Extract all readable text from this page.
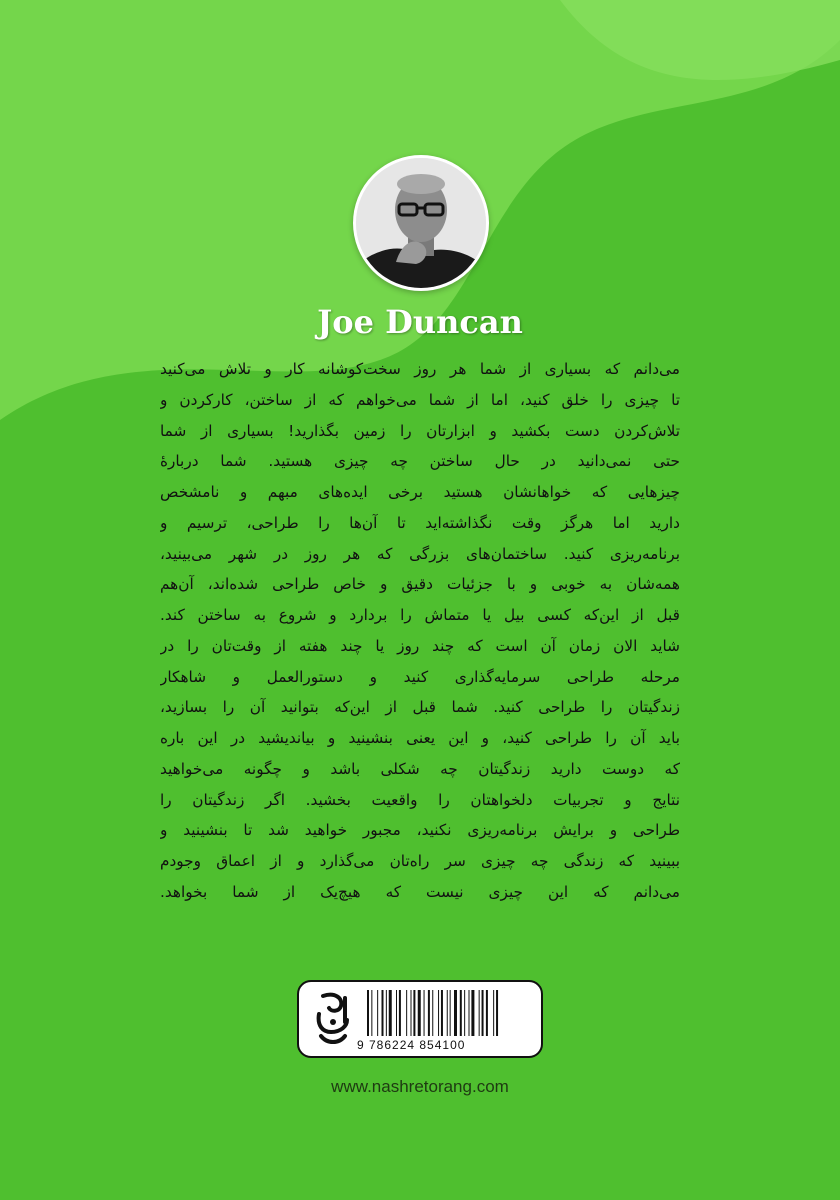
Joe Duncan
می‌دانم که بسیاری از شما هر روز سخت‌کوشانه کار و تلاش می‌کنید
تا چیزی را خلق کنید، اما از شما می‌خواهم که از ساختن، کارکردن و
تلاش‌کردن دست بکشید و ابزارتان را زمین بگذارید! بسیاری از شما
حتی نمی‌دانید در حال ساختن چه چیزی هستید. شما دربارهٔ
چیزهایی که خواهانشان هستید برخی ایده‌های مبهم و نامشخص
دارید اما هرگز وقت نگذاشته‌اید تا آن‌ها را طراحی، ترسیم و
برنامه‌ریزی کنید. ساختمان‌های بزرگی که هر روز در شهر می‌بینید،
همه‌شان به خوبی و با جزئیات دقیق و خاص طراحی شده‌اند، آن‌هم
قبل از این‌که کسی بیل یا متماش را بردارد و شروع به ساختن کند.
شاید الان زمان آن است که چند روز یا چند هفته از وقت‌تان را در
مرحله طراحی سرمایه‌گذاری کنید و دستورالعمل و شاهکار
زندگیتان را طراحی کنید. شما قبل از این‌که بتوانید آن را بسازید،
باید آن را طراحی کنید، و این یعنی بنشینید و بیاندیشید در این باره
که دوست دارید زندگیتان چه شکلی باشد و چگونه می‌خواهید
نتایج و تجربیات دلخواهتان را واقعیت بخشید. اگر زندگیتان را
طراحی و برایش برنامه‌ریزی نکنید، مجبور خواهید شد تا بنشینید و
ببینید که زندگی چه چیزی سر راه‌تان می‌گذارد و از اعماق وجودم
می‌دانم که این چیزی نیست که هیچ‌یک از شما بخواهد.
9 786224 854100
www.nashretorang.com
